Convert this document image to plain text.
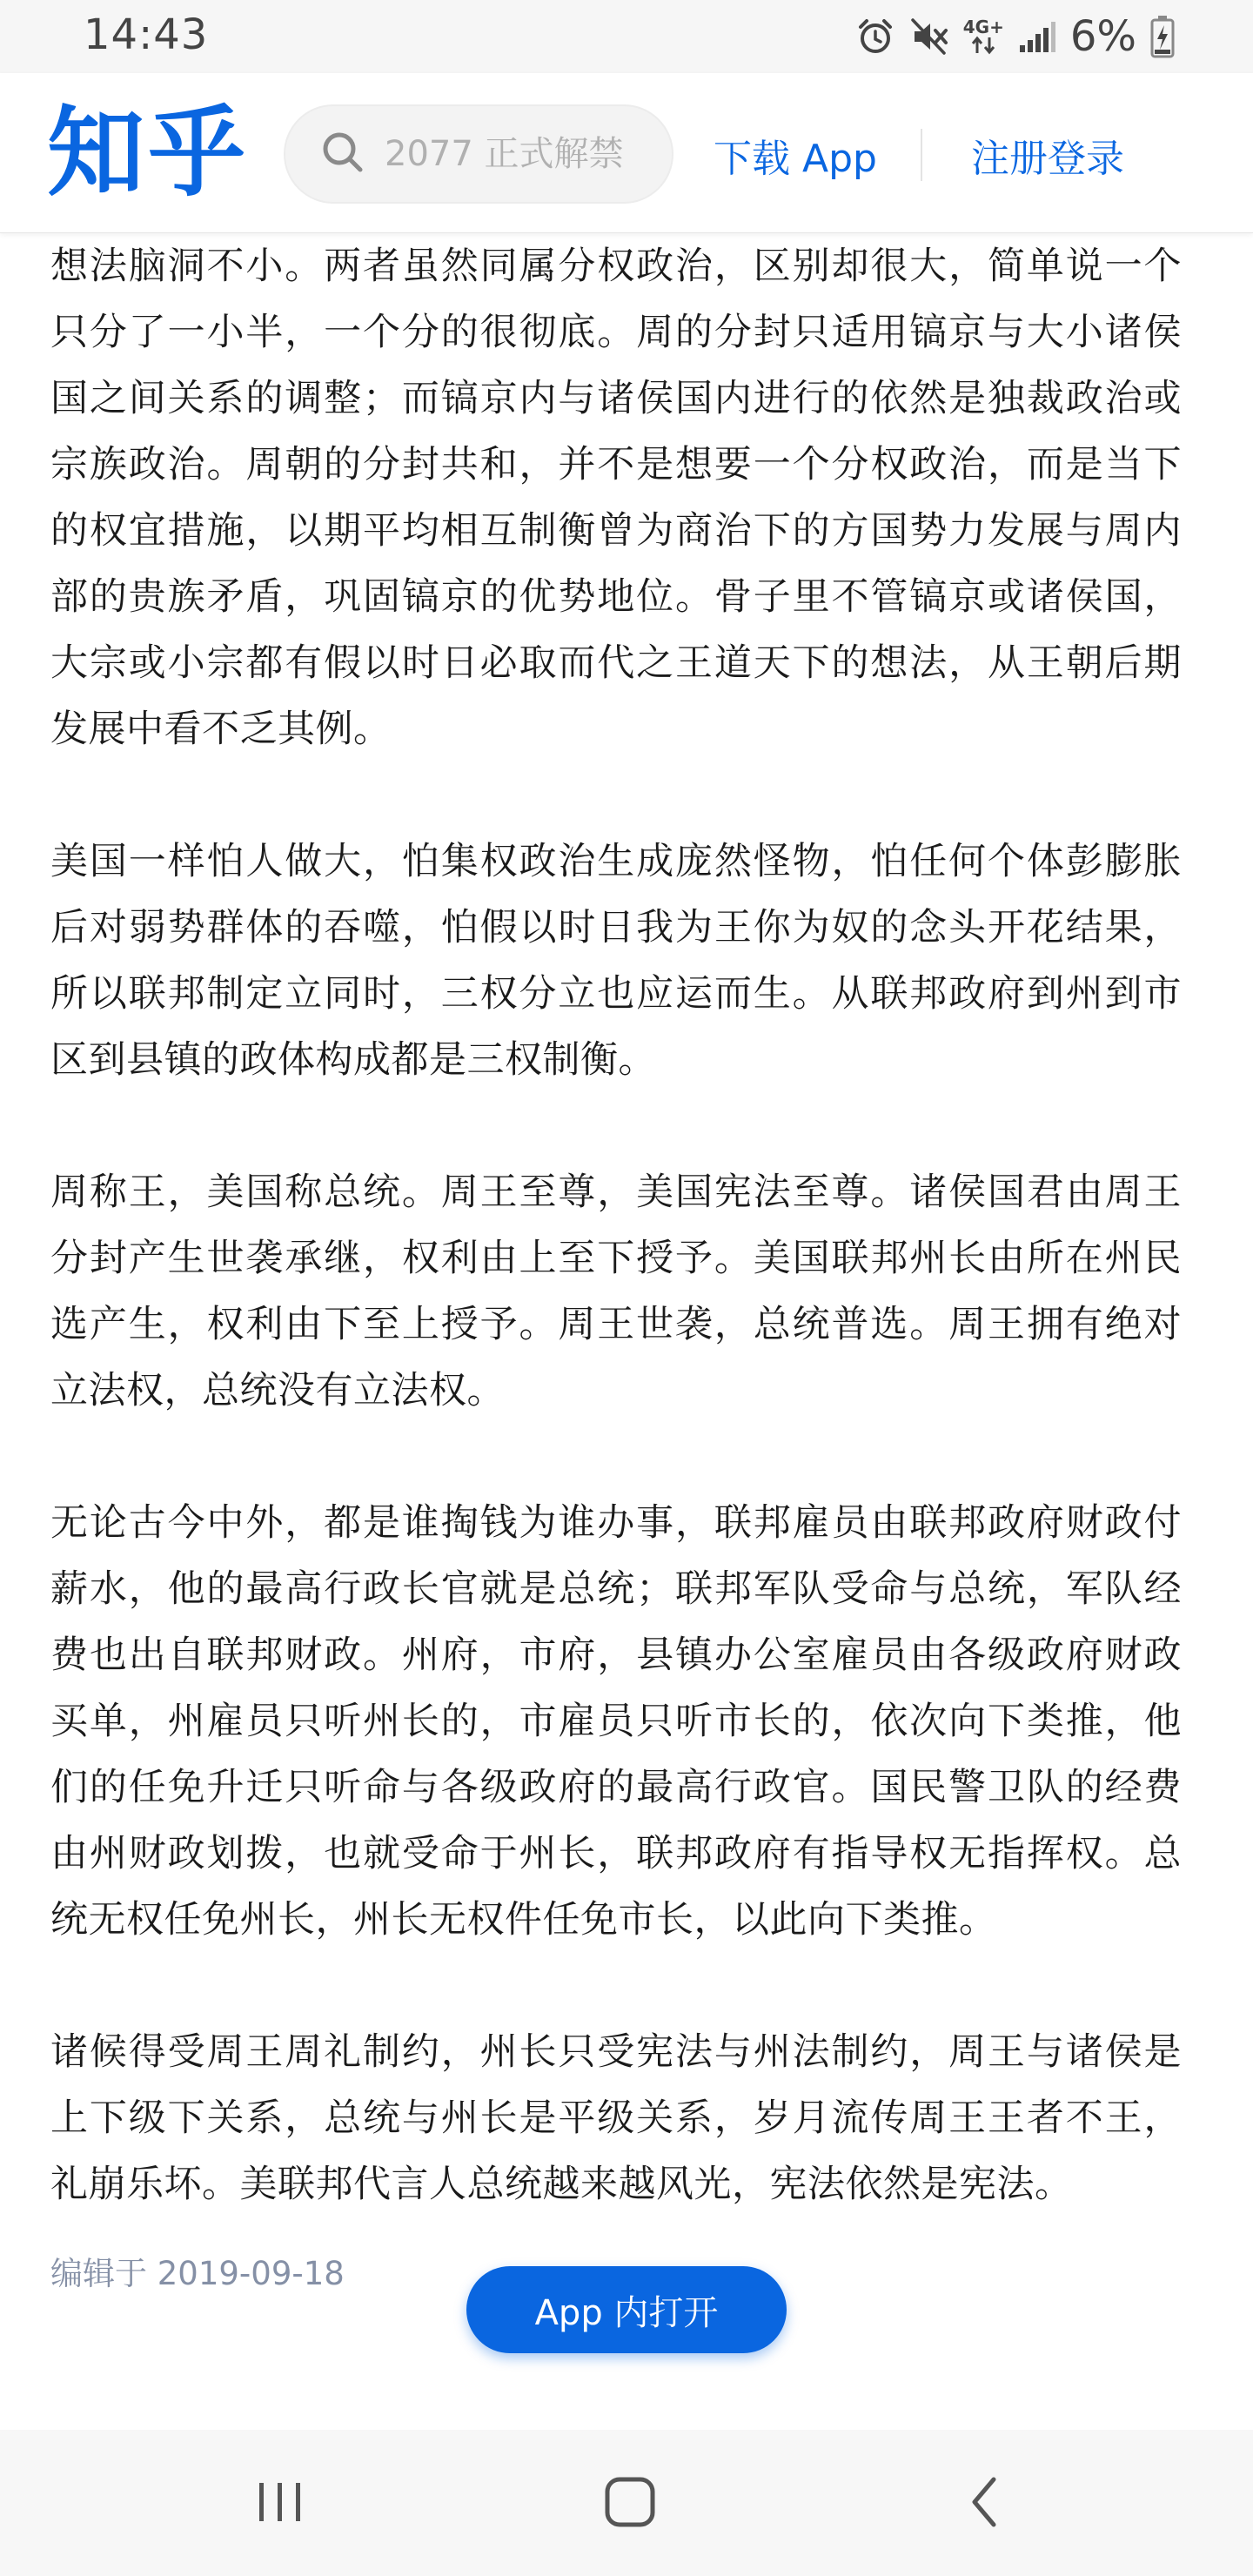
14:43	4G+ 6%
知乎
2077 正式解禁	下载 App 注册登录

想法脑洞不小。两者虽然同属分权政治，区别却很大，简单说一个只分了一小半，一个分的很彻底。周的分封只适用镐京与大小诸侯国之间关系的调整；而镐京内与诸侯国内进行的依然是独裁政治或宗族政治。周朝的分封共和，并不是想要一个分权政治，而是当下的权宜措施，以期平均相互制衡曾为商治下的方国势力发展与周内部的贵族矛盾，巩固镐京的优势地位。骨子里不管镐京或诸侯国，大宗或小宗都有假以时日必取而代之王道天下的想法，从王朝后期发展中看不乏其例。

美国一样怕人做大，怕集权政治生成庞然怪物，怕任何个体彭膨胀后对弱势群体的吞噬，怕假以时日我为王你为奴的念头开花结果，所以联邦制定立同时，三权分立也应运而生。从联邦政府到州到市区到县镇的政体构成都是三权制衡。

周称王，美国称总统。周王至尊，美国宪法至尊。诸侯国君由周王分封产生世袭承继，权利由上至下授予。美国联邦州长由所在州民选产生，权利由下至上授予。周王世袭，总统普选。周王拥有绝对立法权，总统没有立法权。

无论古今中外，都是谁掏钱为谁办事，联邦雇员由联邦政府财政付薪水，他的最高行政长官就是总统；联邦军队受命与总统，军队经费也出自联邦财政。州府，市府，县镇办公室雇员由各级政府财政买单，州雇员只听州长的，市雇员只听市长的，依次向下类推，他们的任免升迁只听命与各级政府的最高行政官。国民警卫队的经费由州财政划拨，也就受命于州长，联邦政府有指导权无指挥权。总统无权任免州长，州长无权件任免市长，以此向下类推。

诸候得受周王周礼制约，州长只受宪法与州法制约，周王与诸侯是上下级下关系，总统与州长是平级关系，岁月流传周王王者不王，礼崩乐坏。美联邦代言人总统越来越风光，宪法依然是宪法。

编辑于 2019-09-18
App 内打开
